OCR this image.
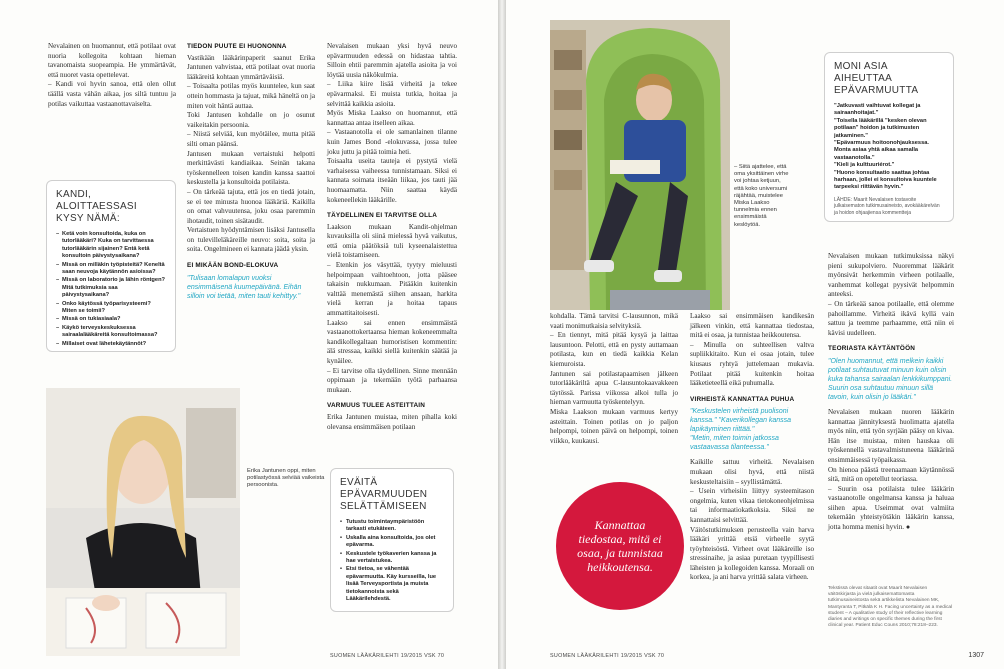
Nevalainen on huomannut, että potilaat ovat nuoria kollegoita kohtaan hieman tavanomaista suopeampia. He ymmärtävät, että nuoret vasta opettelevat.
– Kandi voi hyvin sanoa, että olen ollut täällä vasta vähän aikaa, jos siltä tuntuu ja potilas vaikuttaa vastaanottavaiselta.

KANDI, ALOITTAESSASI KYSY NÄMÄ:
– Ketä voin konsultoida, kuka on tutorlääkäri? Kuka on tarvittaessa tutorlääkärin sijainen? Entä ketä konsultoin päivystysaikana?
– Missä on milläkin työpisteitä? Keneltä saan neuvoja käytännön asioissa?
– Missä on laboratorio ja lähin röntgen? Mitä tutkimuksia saa päivystysaikana?
– Onko käytössä työparisysteemi? Miten se toimii?
– Missä on tukiasiaala?
– Käykö terveyskeskuksessa sairaalalääkäreitä konsultoimassa?
– Millaiset ovat lähetekäytännöt?
TIEDON PUUTE EI HUONONNA

Vastikään lääkärinpaperit saanut Erika Jantunen vahvistaa, että potilaat ovat nuoria lääkäreitä kohtaan ymmärtäväisiä.
– Toisaalta potilas myös kuuntelee, kun saat ottein hommasta ja tajuat, mikä häneltä on ja miten voit häntä auttaa.
Toki Jantusen kohdalle on jo osunut vaikeitakin persoonia.
– Niistä selviää, kun myötäilee, mutta pitää silti oman päänsä.
Jantusen mukaan vertaistuki helpotti merkittävästi kandiaikaa. Seinän takana työskennelleen toisen kandin kanssa saattoi keskustella ja konsultoida potilaista.
– On tärkeää tajuta, että jos en tiedä jotain, se ei tee minusta huonoa lääkäriä. Kaikilla on omat vahvuutensa, joku osaa paremmin ihotaudit, toinen sisätaudit.
Vertaistuen hyödyntämisen lisäksi Jantusella on tulevilleläkäreille neuvo: soita, soita ja soita. Ongelmineen ei kannata jäädä yksin.

EI MIKÄÄN BOND-ELOKUVA
"Tulisaan lomalapun vuoksi ensimmäisenä kuumepäivänä. Eihän silloin voi tietää, miten tauti kehittyy."

Nevalaisen mukaan yksi hyvä neuvo epävarmuuden edessä on hidastaa tahtia. Silloin ehtii paremmin ajatella asioita ja voi löytää uusia näkökulmia.
– Liika kiire lisää virheitä ja tekee epävarmaksi. Ei muista tutkia, hoitaa ja selvittää kaikkia asioita.
Myös Miska Laakso on huomannut, että kannattaa antaa itselleen aikaa.
– Vastaanotolla ei ole samanlainen tilanne kuin James Bond -elokuvassa, jossa tulee joku juttu ja pitää toimia heti.
Toisaalta useita tauteja ei pystytä vielä varhaisessa vaiheessa tunnistamaan. Siksi ei kannata soimata itseään liikaa, jos tauti jää huomaamatta. Niin saattaa käydä kokeneellekin lääkärille.

TÄYDELLINEN EI TARVITSE OLLA

Laakson mukaan Kandit-ohjelman kuvauksilla oli siinä mielessä hyvä vaikutus, että omia päätöksiä tuli kyseenalaistettua vielä toistamiseen.
– Etenkin jos väsyttää, tyytyy mieluusti helpoimpaan vaihtoehtoon, jotta pääsee takaisin nukkumaan. Pitääkin kuitenkin valttää menemästä siihen ansaan, harkita vielä kerran ja hoitaa tapaus ammattitaitoisesti.
Laakso sai ennen ensimmäistä vastaanottokertaansa hieman kokeneemmalta kandikollegaltaan humoristisen kommentin: älä stressaa, kaikki siellä kuitenkin säätää ja kynäilee.
– Ei tarvitse olla täydellinen. Sinne mennään oppimaan ja tekemään työtä parhaansa mukaan.

VARMUUS TULEE ASTEITTAIN

Erika Jantunen muistaa, miten pihalla koki olevansa ensimmäisen potilaan

Erika Jantunen oppi, miten potilastyössä selviää vaikeista persoonista.	EVÄITÄ EPÄVARMUUDEN SELÄTTÄMISEEN
• Tutustu toimintaympäristöön tarkasti etukäteen.
• Uskalla aina konsultoida, jos olet epävarma.
• Keskustele työkaverien kanssa ja hae vertaistukea.
• Etsi tietoa, se vähentää epävarmuutta. Käy kursseilla, lue lisää Terveysportista ja muista tietokannoista sekä Lääkärilehdestä.
SUOMEN LÄÄKÄRILEHTI 19/2015 VSK 70
– Siitä ajattelee, että oma yksittäinen virhe voi johtaa ketjuun, että koko universumi räjähtää, muistelee Miska Laakso tunnelmia ennen ensimmäistä keslöytöä.
MONI ASIA AIHEUTTAA EPÄVARMUUTTA

"Jatkuvasti vaihtuvat kollegat ja sairaanhoitajat."

"Toisella lääkärillä "kesken olevan potilaan" hoidon ja tutkimusten jatkaminen."

"Epävarmuus hoitoonohjauksessa. Monta asiaa yhtä aikaa samalla vastaanotolla."

"Kieli ja kulttuuriérot."

"Huono konsultaatio saattaa johtaa harhaan, jollei ei konsultoiva kuuntele tarpeeksi riittävän hyvin."

LÄHDE: Maarit Nevalaisen tostavoite julkaisematon tutkimusaineisto, avokääkärelvän ja hoidon ohjaajiensa kommentteja

kohdalla. Tämä tarvitsi C-lausunnon, mikä vaati monimutkaisia selvityksiä.
– En tiennyt, mitä pitää kysyä ja laittaa lausuntoon. Pelotti, että en pysty auttamaan potilasta, kun en tiedä kaikkia Kelan kiemuroista.
Jantunen sai potilastapaamisen jälkeen tutorlääkäriltä apua C-lausuntokaavakkeen täytössä. Parissa viikossa alkoi tulla jo hieman varmuutta työskentelyyn.
Miska Laakson mukaan varmuus kertyy asteittain. Toinen potilas on jo paljon helpompi, toinen päivä on helpompi, toinen viikko, kuukausi.

Kannattaa tiedostaa, mitä ei osaa, ja tunnistaa heikkoutensa.

Laakso sai ensimmäisen kandikesän jälkeen vinkin, että kannattaa tiedostaa, mitä ei osaa, ja tunnistaa heikkoutensa.
– Minulla on suhteellisen valtva supliikkitaito. Kun ei osaa jotain, tulee kiusaus ryhtyä juttelemaan mukavia. Potilaat pitää kuitenkin hoitaa lääketieteellä eikä puhumalla.

VIRHEISTÄ KANNATTAA PUHUA
"Keskustelen virheistä puolisoni kanssa." "Kaverikollegan kanssa lapikäyminen riittää."
"Metin, miten toimin jatkossa vastaavassa tilanteessa."

Kaikille sattuu virheitä. Nevalaisen mukaan olisi hyvä, että niistä keskusteltaisiin – syyllistämättä.
– Usein virheisiin liittyy systeemitason ongelmia, kuten vikaa tietokoneohjelmissa tai informaatiokatkoksia. Siksi ne kannattaisi selvittää.
Väitöstutkimuksen perusteella vain harva lääkäri yrittää etsiä virheelle syytä työyhteisöstä. Virheet ovat lääkäreille iso stressinaihe, ja asiaa puretaan tyypillisesti läheisten ja kollegoiden kanssa. Moraali on korkea, ja ani harva yrittää salata virheen.

Nevalaisen mukaan tutkimuksissa näkyi pieni sukupolviero. Nuoremmat lääkärit myönsivät herkemmin virheen potilaalle, vanhemmat kollegat pyysivät helpommin anteeksi.
– On tärkeää sanoa potilaalle, että olemme pahoillamme. Virheitä ikävä kyllä vain sattuu ja teemme parhaamme, että niin ei kävisi uudelleen.

TEORIASTA KÄYTÄNTÖÖN
"Olen huomannut, että melkein kaikki potilaat suhtautuvat minuun kuin olisin kuka tahansa sairaalan lenkkikumppani. Suurin osa suhtautuu minuun sillä tavoin, kuin olisin jo lääkäri."

Nevalaisen mukaan nuoren lääkärin kannattaa jännityksestä huolimatta ajatella myös niin, että työn syrjään pääsy on kivaa. Hän itse muistaa, miten hauskaa oli työskennellä vastavalmistuneena lääkärinä ensimmäisessä työpaikassa.
On hienoa päästä treenaamaan käytännössä sitä, mitä on opetellut teoriassa.
– Suurin osa potilaista tulee lääkärin vastaanotolle ongelmansa kanssa ja haluaa siihen apua. Useimmat ovat valmiita tekemään yhteistyötäkin lääkärin kanssa, jotta homma menisi hyvin. ●

Tekstissä olevat sitaatit ovat Maarit Nevalaisen väitöskirjasta ja vielä julkaisemattomasta tutkimusaineistosta sekä artikkelista Nevalainen MK, Mantyranta T, Pitkälä K H. Facing uncertainty as a medical student – A qualitative study of their reflective learning diaries and writings on specific themes during the first clinical year. Patient Educ Couns 2010;78:218–223.
SUOMEN LÄÄKÄRILEHTI 19/2015 VSK 70	1307
